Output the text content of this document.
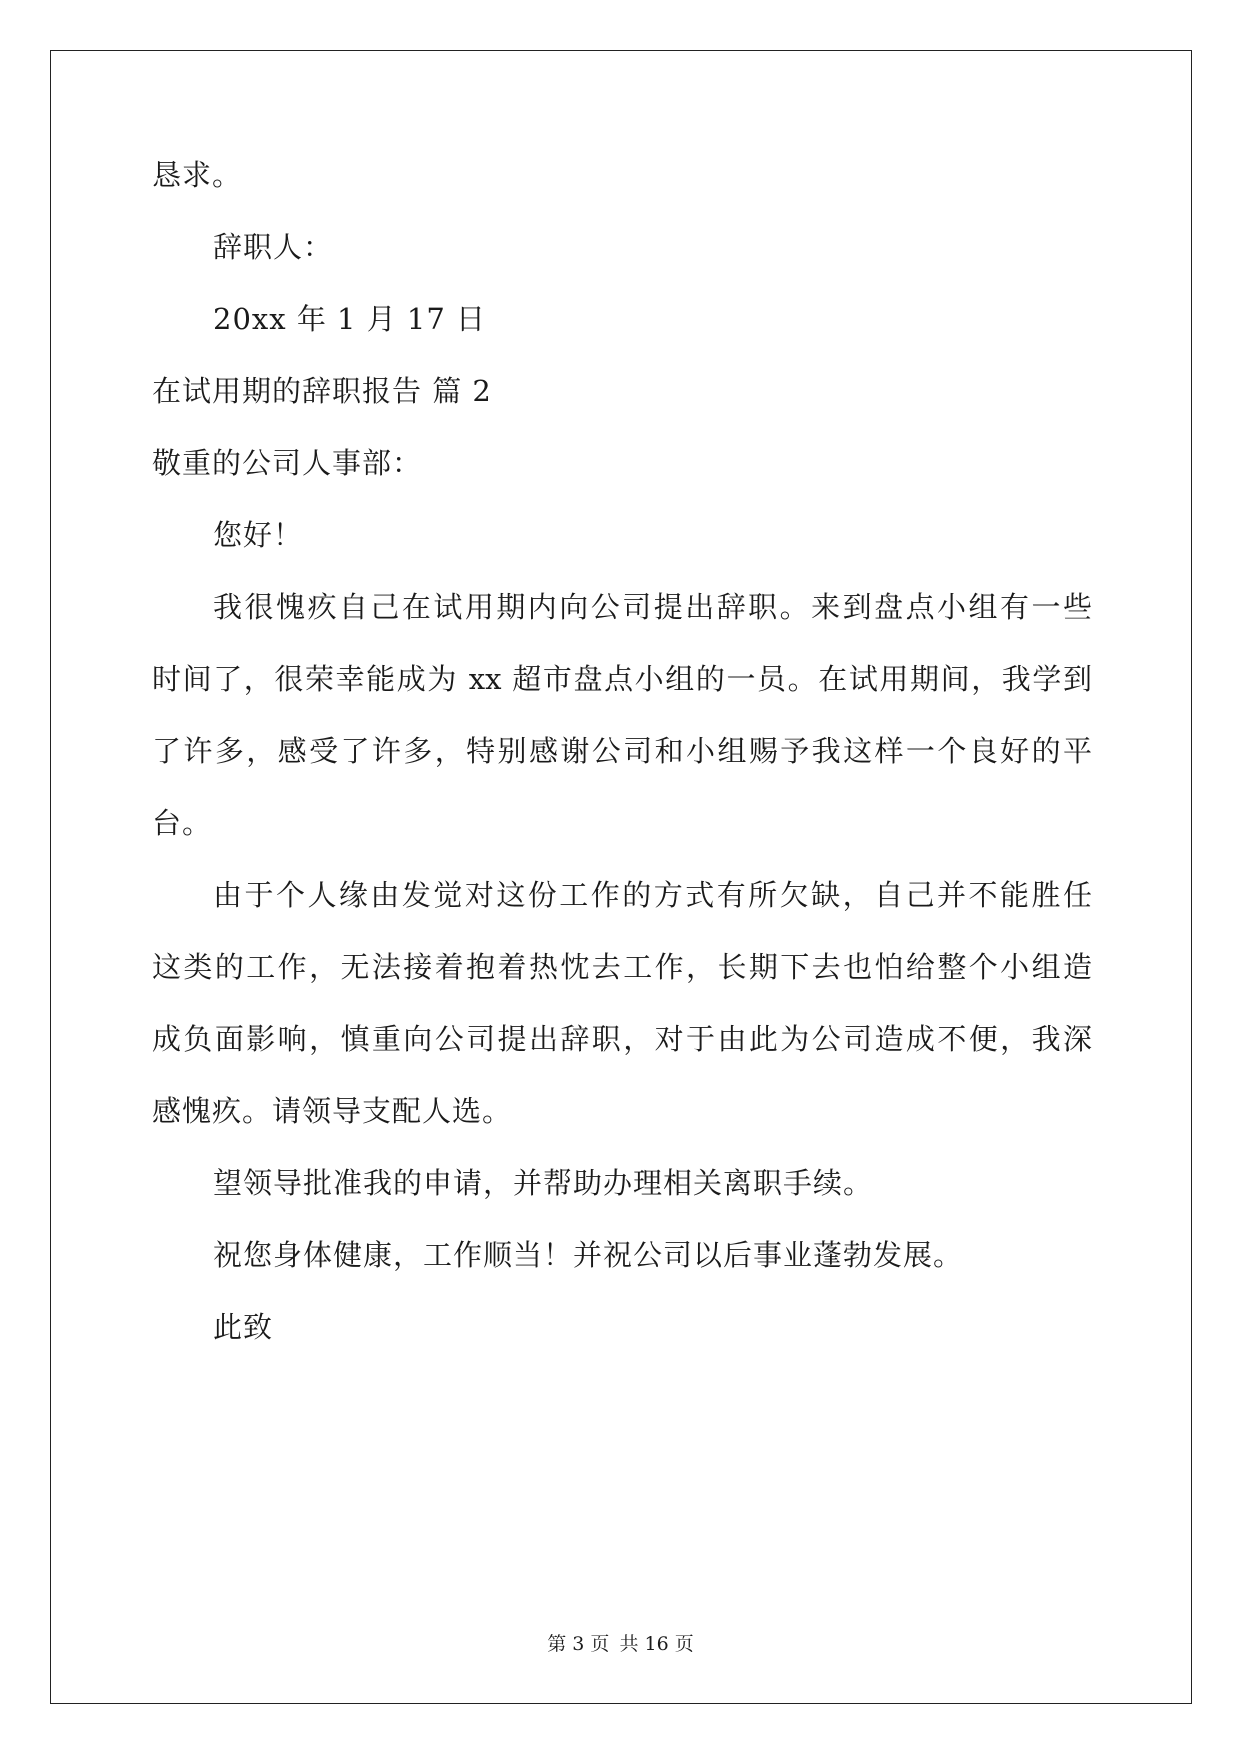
恳求。
辞职人：
20xx 年 1 月 17 日
在试用期的辞职报告 篇 2
敬重的公司人事部：
您好！
我很愧疚自己在试用期内向公司提出辞职。来到盘点小组有一些
时间了，很荣幸能成为 xx 超市盘点小组的一员。在试用期间，我学到
了许多，感受了许多，特别感谢公司和小组赐予我这样一个良好的平
台。
由于个人缘由发觉对这份工作的方式有所欠缺，自己并不能胜任
这类的工作，无法接着抱着热忱去工作，长期下去也怕给整个小组造
成负面影响，慎重向公司提出辞职，对于由此为公司造成不便，我深
感愧疚。请领导支配人选。
望领导批准我的申请，并帮助办理相关离职手续。
祝您身体健康，工作顺当！并祝公司以后事业蓬勃发展。
此致
第 3 页 共 16 页
